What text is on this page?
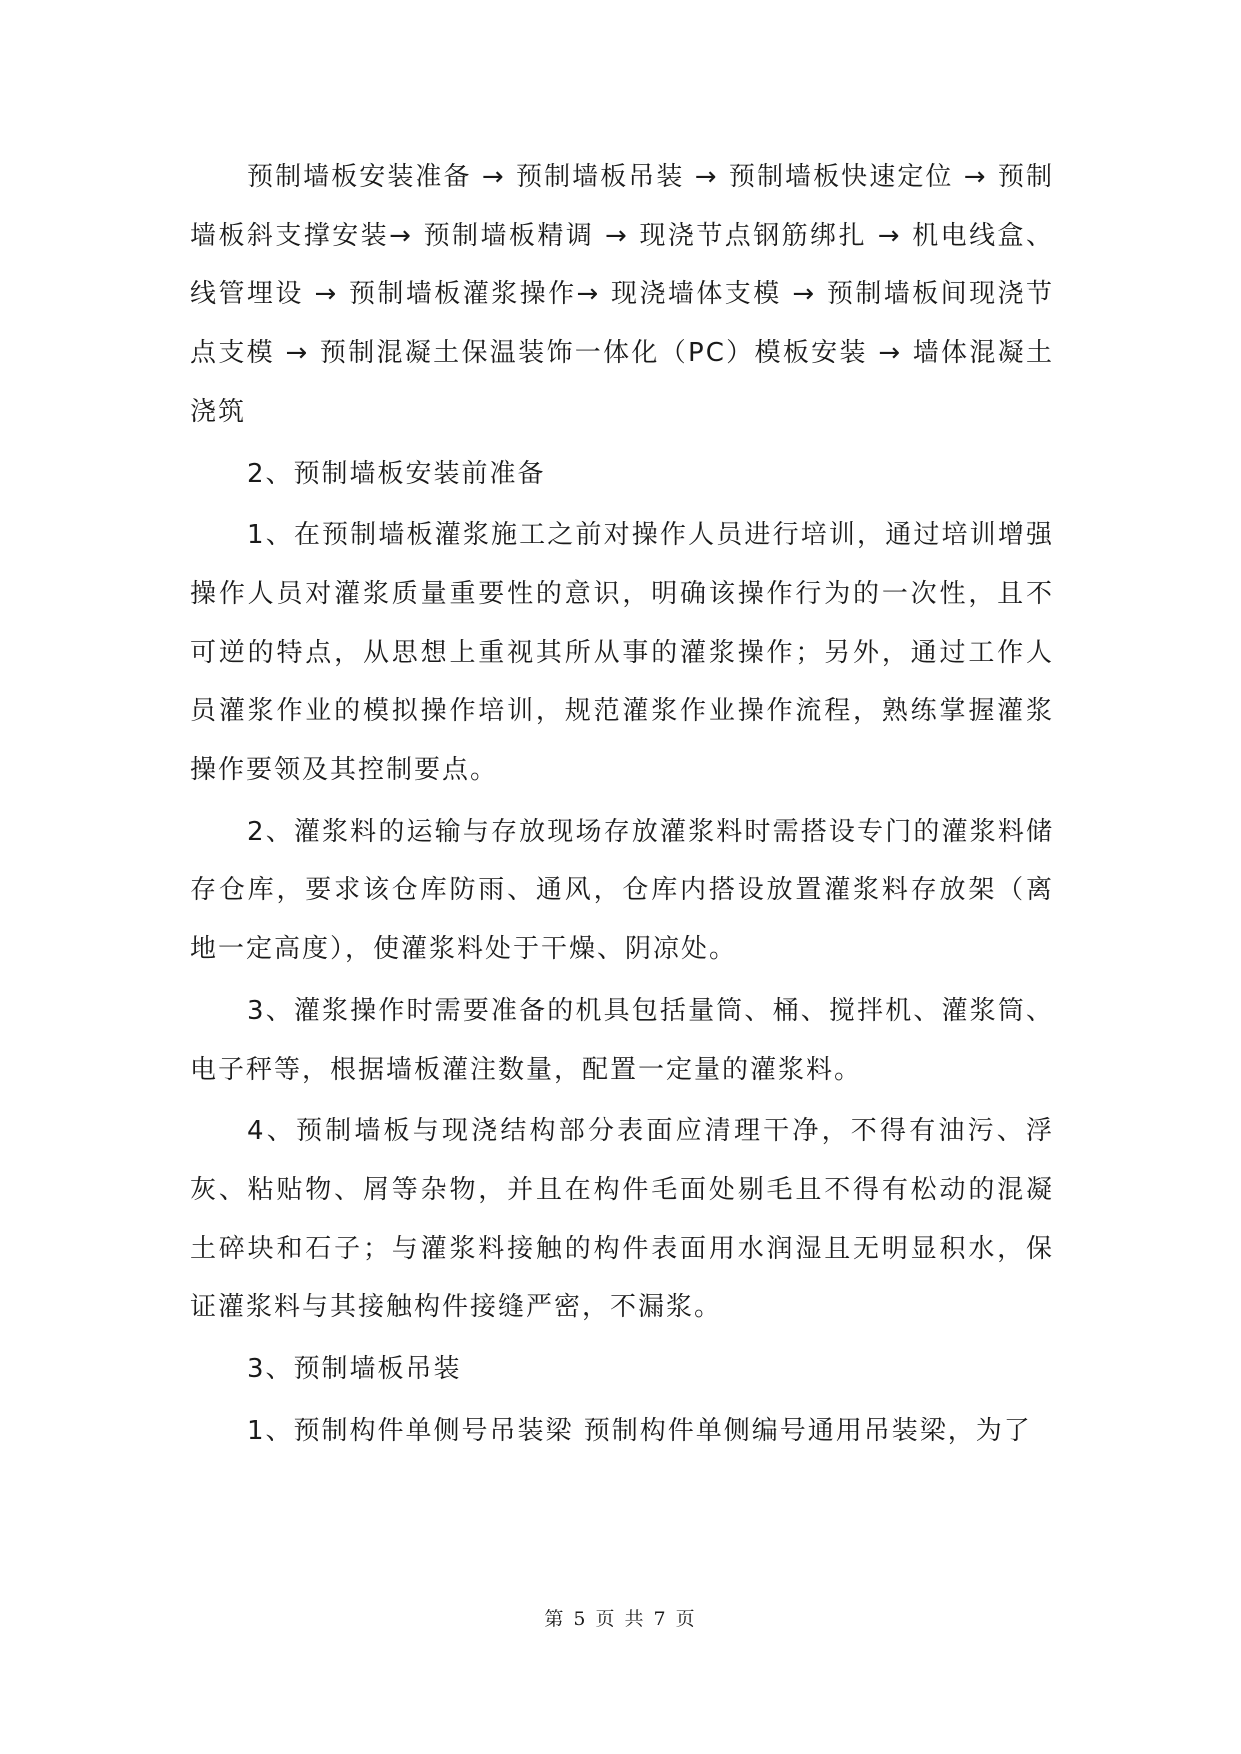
预制墙板安装准备 → 预制墙板吊装 → 预制墙板快速定位 → 预制墙板斜支撑安装→ 预制墙板精调 → 现浇节点钢筋绑扎 → 机电线盒、线管埋设 → 预制墙板灌浆操作→ 现浇墙体支模 → 预制墙板间现浇节点支模 → 预制混凝土保温装饰一体化（PC）模板安装 → 墙体混凝土浇筑

2、预制墙板安装前准备

1、在预制墙板灌浆施工之前对操作人员进行培训，通过培训增强操作人员对灌浆质量重要性的意识，明确该操作行为的一次性，且不可逆的特点，从思想上重视其所从事的灌浆操作；另外，通过工作人员灌浆作业的模拟操作培训，规范灌浆作业操作流程，熟练掌握灌浆操作要领及其控制要点。

2、灌浆料的运输与存放现场存放灌浆料时需搭设专门的灌浆料储存仓库，要求该仓库防雨、通风，仓库内搭设放置灌浆料存放架（离地一定高度），使灌浆料处于干燥、阴凉处。

3、灌浆操作时需要准备的机具包括量筒、桶、搅拌机、灌浆筒、电子秤等，根据墙板灌注数量，配置一定量的灌浆料。

4、预制墙板与现浇结构部分表面应清理干净，不得有油污、浮灰、粘贴物、屑等杂物，并且在构件毛面处剔毛且不得有松动的混凝土碎块和石子；与灌浆料接触的构件表面用水润湿且无明显积水，保证灌浆料与其接触构件接缝严密，不漏浆。

3、预制墙板吊装

1、预制构件单侧号吊装梁 预制构件单侧编号通用吊装梁，为了

第 5 页 共 7 页
